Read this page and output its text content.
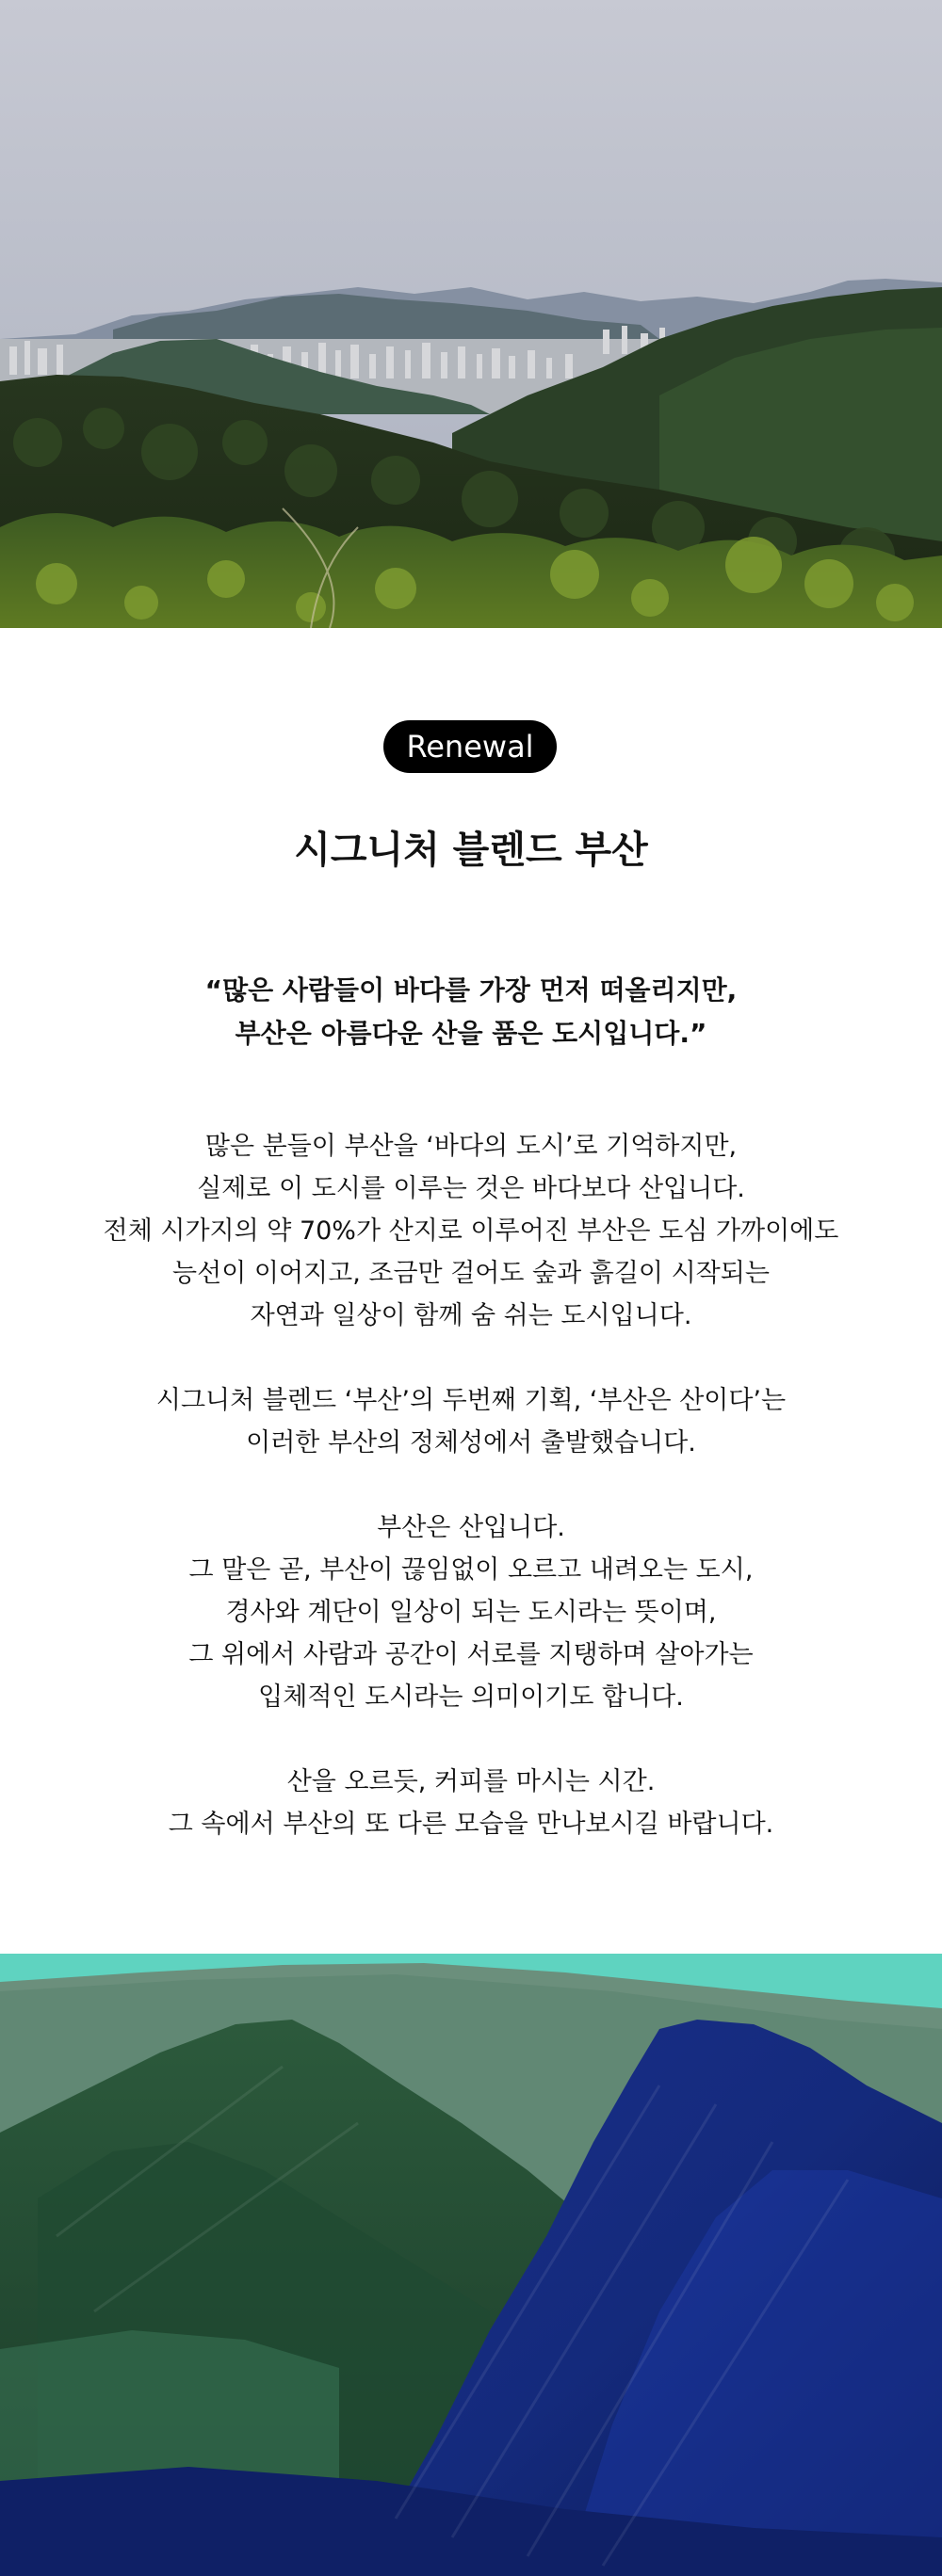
Renewal
시그니처 블렌드 부산
“많은 사람들이 바다를 가장 먼저 떠올리지만,
부산은 아름다운 산을 품은 도시입니다.”
많은 분들이 부산을 ‘바다의 도시’로 기억하지만,
실제로 이 도시를 이루는 것은 바다보다 산입니다.
전체 시가지의 약 70%가 산지로 이루어진 부산은 도심 가까이에도
능선이 이어지고, 조금만 걸어도 숲과 흙길이 시작되는
자연과 일상이 함께 숨 쉬는 도시입니다.
시그니처 블렌드 ‘부산’의 두번째 기획, ‘부산은 산이다’는
이러한 부산의 정체성에서 출발했습니다.
부산은 산입니다.
그 말은 곧, 부산이 끊임없이 오르고 내려오는 도시,
경사와 계단이 일상이 되는 도시라는 뜻이며,
그 위에서 사람과 공간이 서로를 지탱하며 살아가는
입체적인 도시라는 의미이기도 합니다.
산을 오르듯, 커피를 마시는 시간.
그 속에서 부산의 또 다른 모습을 만나보시길 바랍니다.
